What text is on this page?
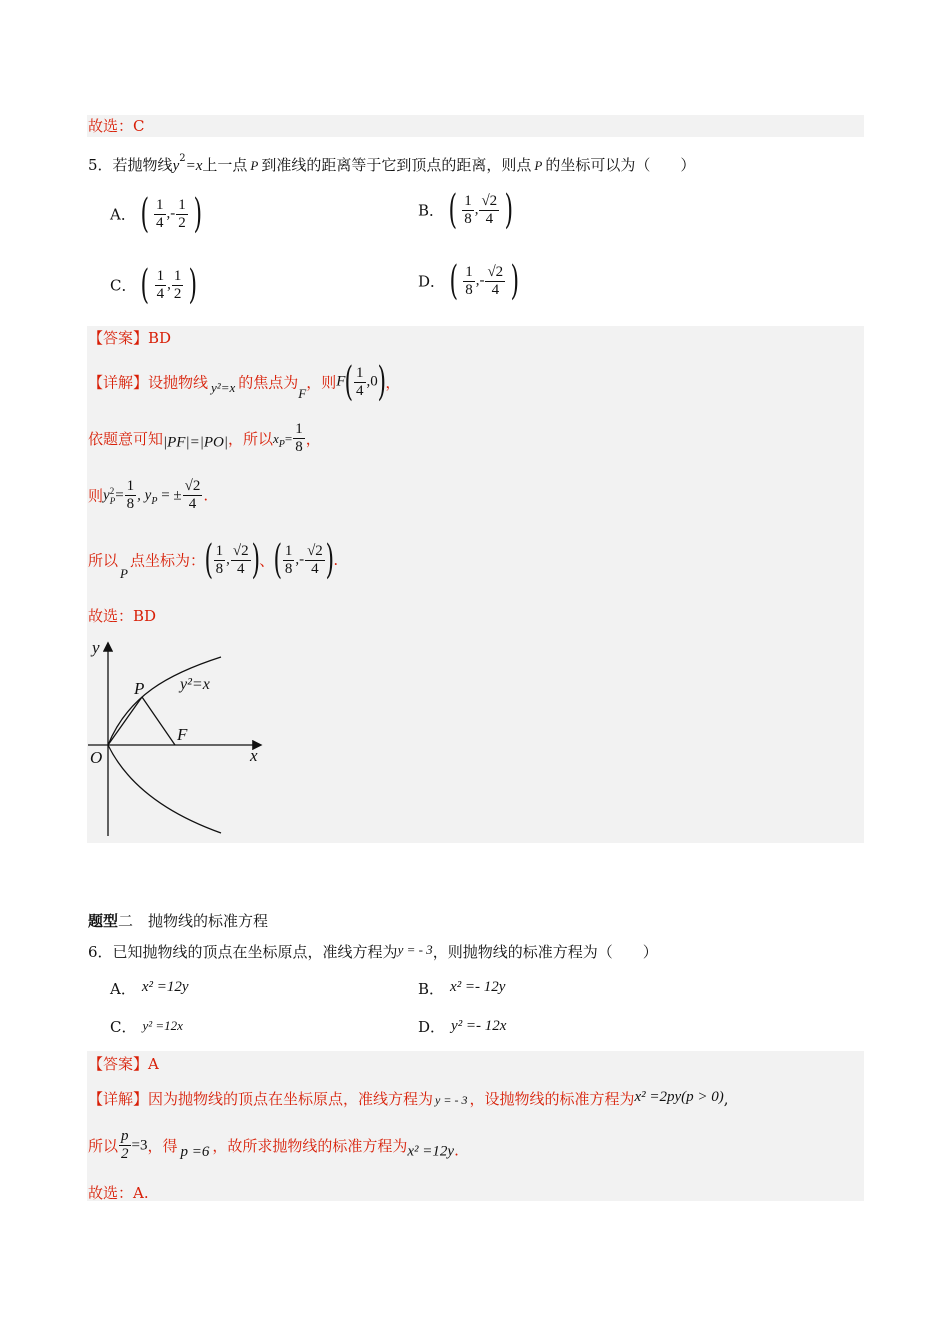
故选：C
5．若抛物线$y^2=x$上一点 P 到准线的距离等于它到顶点的距离，则点 P 的坐标可以为（　　）
A． ( $\frac{1}{4}$ ,- $\frac{1}{2}$ )	B． ( $\frac{1}{8}$ , $\frac{√2}{4}$ )
C． ( $\frac{1}{4}$ , $\frac{1}{2}$ )	D． ( $\frac{1}{8}$ ,- $\frac{√2}{4}$ )
【答案】BD
【详解】设抛物线 y²=x 的焦点为F，则$F( \frac{1}{4} ,0)$，
依题意可知|PF|=|PO|，所以$x_P= \frac{1}{8}$ ，
则y 2
$P = \frac{1}{8}$ , $y_P$ = ± $\frac{√2}{4}$ .
所以P点坐标为：( $\frac{1}{8}$ , $\frac{√2}{4}$ )、( $\frac{1}{8}$ ,- $\frac{√2}{4}$ ).
故选：BD
y
x
O
P
F
y²=x
题型二　抛物线的标准方程
6．已知抛物线的顶点在坐标原点，准线方程为y = - 3，则抛物线的标准方程为（　　）
A． x² =12y	B． x² =- 12y
C． y² =12x	D． y² =- 12x
【答案】A
【详解】因为抛物线的顶点在坐标原点，准线方程为 y = - 3 ，设抛物线的标准方程为x² =2py(p > 0),
所以 $\frac{p}{2} =3$，得 p =6 ，故所求抛物线的标准方程为x² =12y.
故选：A.
